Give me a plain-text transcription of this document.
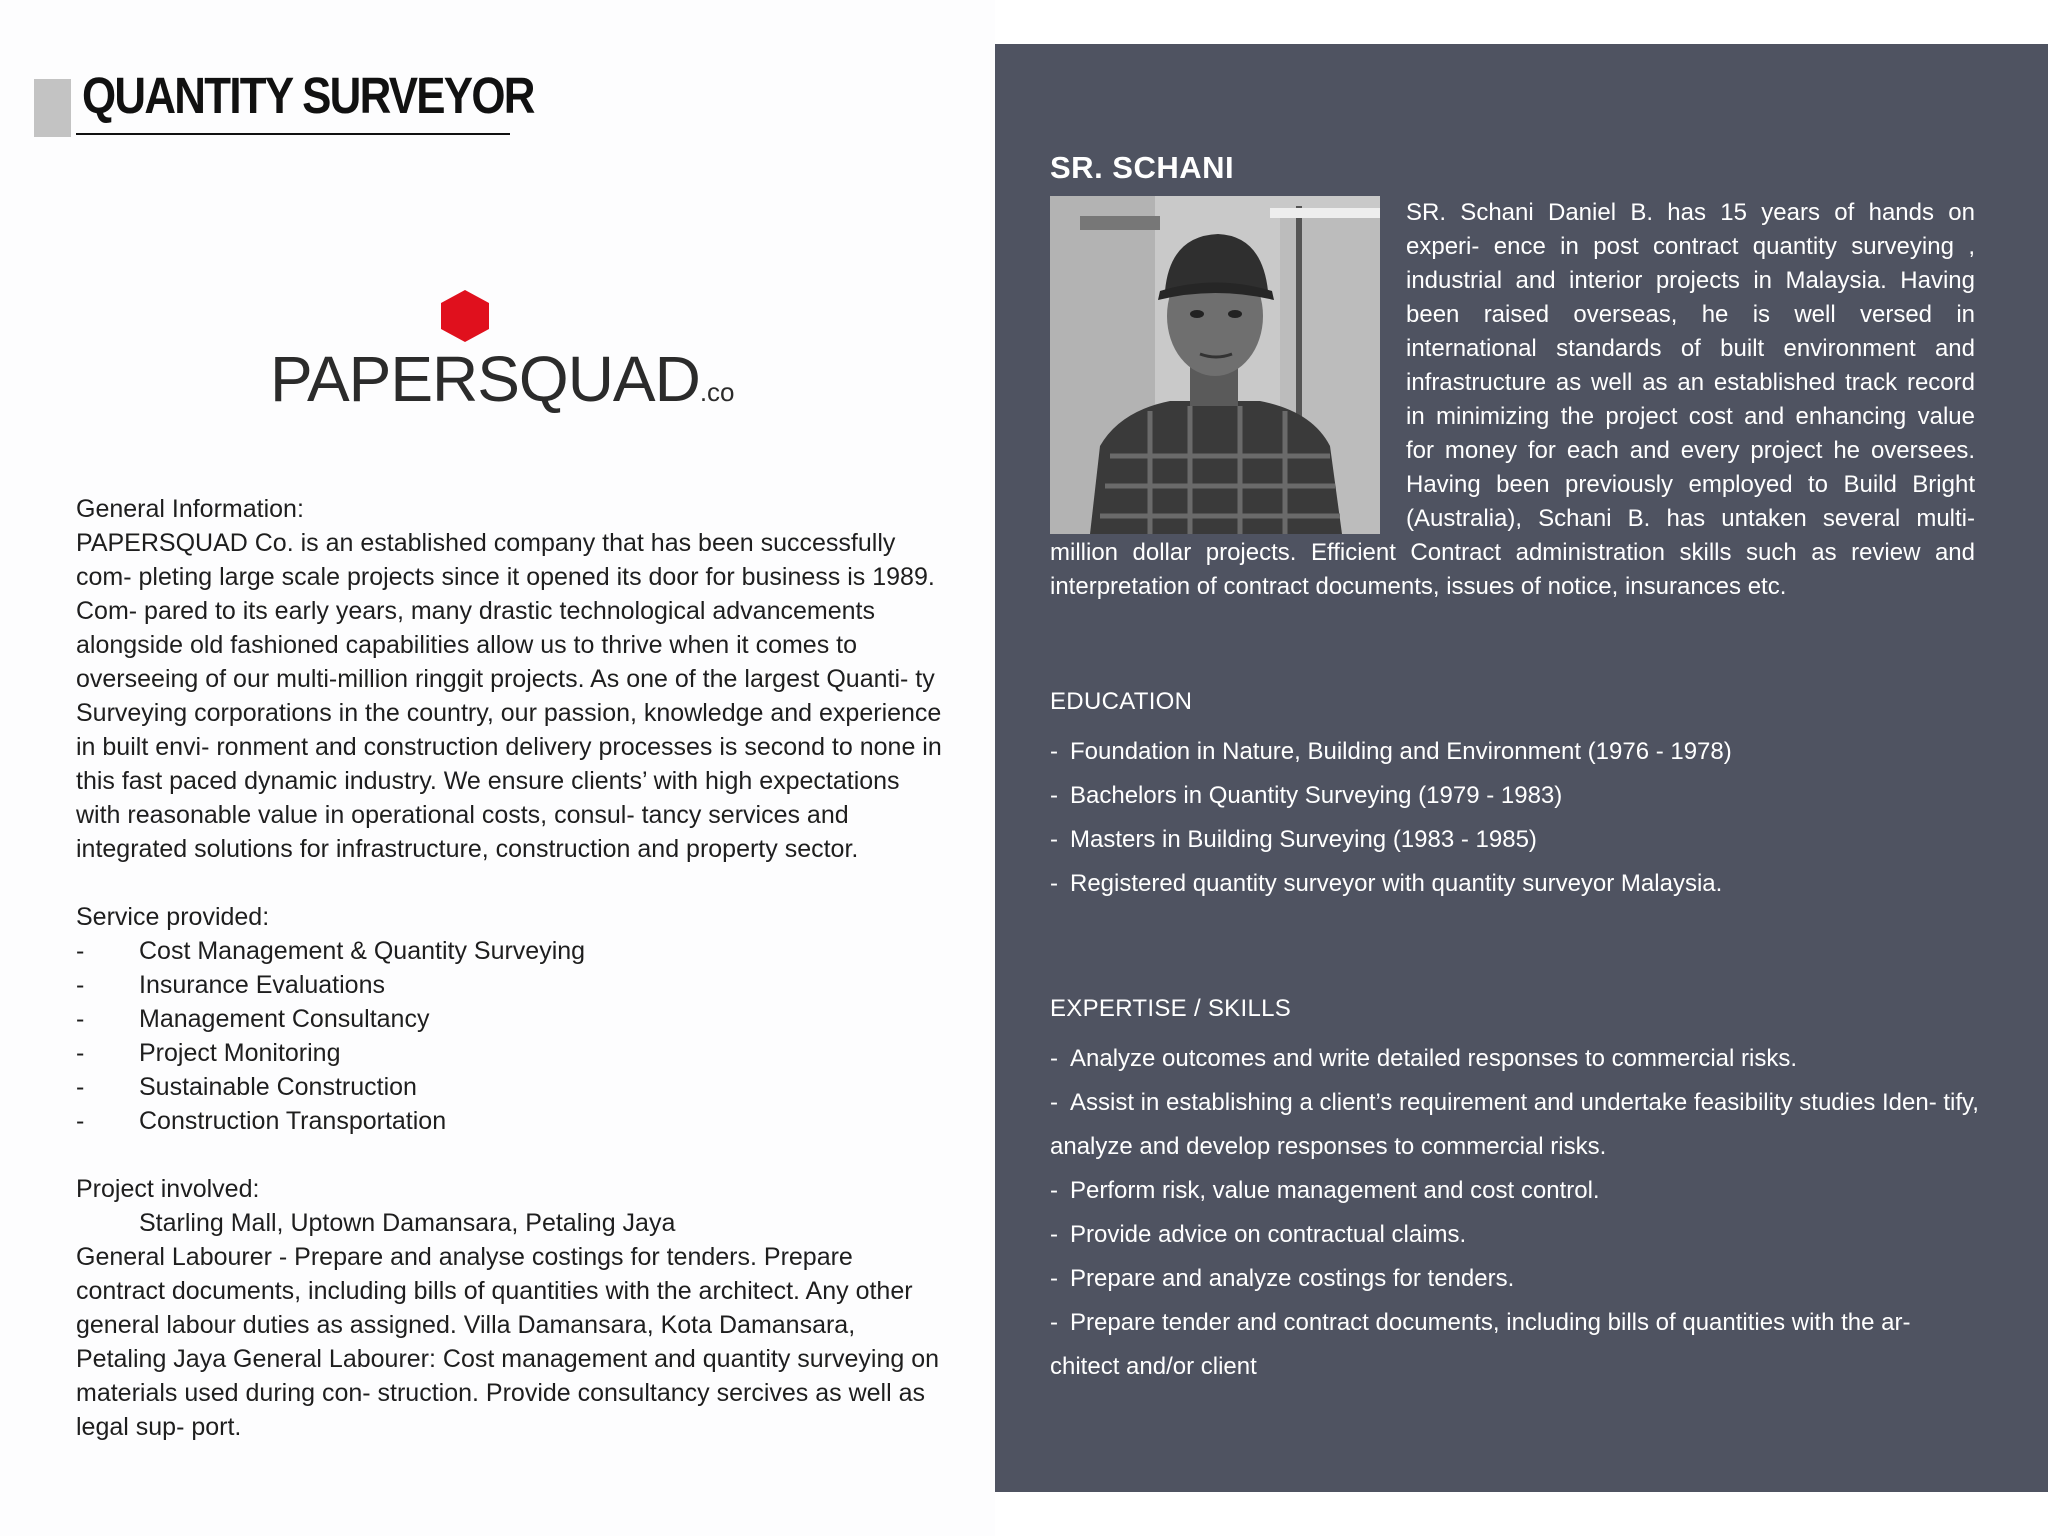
QUANTITY SURVEYOR
PAPERSQUAD.co
General Information:
PAPERSQUAD Co. is an established company that has been successfully com- pleting large scale projects since it opened its door for business is 1989. Com- pared to its early years, many drastic technological advancements alongside old fashioned capabilities allow us to thrive when it comes to overseeing of our multi-million ringgit projects. As one of the largest Quanti- ty Surveying corporations in the country, our passion, knowledge and experience in built envi- ronment and construction delivery processes is second to none in this fast paced dynamic industry. We ensure clients’ with high expectations with reasonable value in operational costs, consul- tancy services and integrated solutions for infrastructure, construction and property sector.
Service provided:
-	Cost Management & Quantity Surveying
-	Insurance Evaluations
-	Management Consultancy
-	Project Monitoring
-	Sustainable Construction
-	Construction Transportation
Project involved:
Starling Mall, Uptown Damansara, Petaling Jaya
General Labourer - Prepare and analyse costings for tenders. Prepare contract documents, including bills of quantities with the architect. Any other general labour duties as assigned. Villa Damansara, Kota Damansara, Petaling Jaya General Labourer: Cost management and quantity surveying on materials used during con- struction. Provide consultancy sercives as well as legal sup- port.
SR. SCHANI
SR. Schani Daniel B. has 15 years of hands on experi- ence in post contract quantity surveying , industrial and interior projects in Malaysia. Having been raised overseas, he is well versed in international standards of built environment and infrastructure as well as an established track record in minimizing the project cost and enhancing value for money for each and every project he oversees. Having been previously employed to Build Bright (Australia), Schani B. has untaken several multi-million dollar projects. Efficient Contract administration skills such as review and interpretation of contract documents, issues of notice, insurances etc.
EDUCATION
- Foundation in Nature, Building and Environment (1976 - 1978)
- Bachelors in Quantity Surveying (1979 - 1983)
- Masters in Building Surveying (1983 - 1985)
- Registered quantity surveyor with quantity surveyor Malaysia.
EXPERTISE / SKILLS
- Analyze outcomes and write detailed responses to commercial risks.
- Assist in establishing a client’s requirement and undertake feasibility studies Iden- tify, analyze and develop responses to commercial risks.
- Perform risk, value management and cost control.
- Provide advice on contractual claims.
- Prepare and analyze costings for tenders.
- Prepare tender and contract documents, including bills of quantities with the ar- chitect and/or client
